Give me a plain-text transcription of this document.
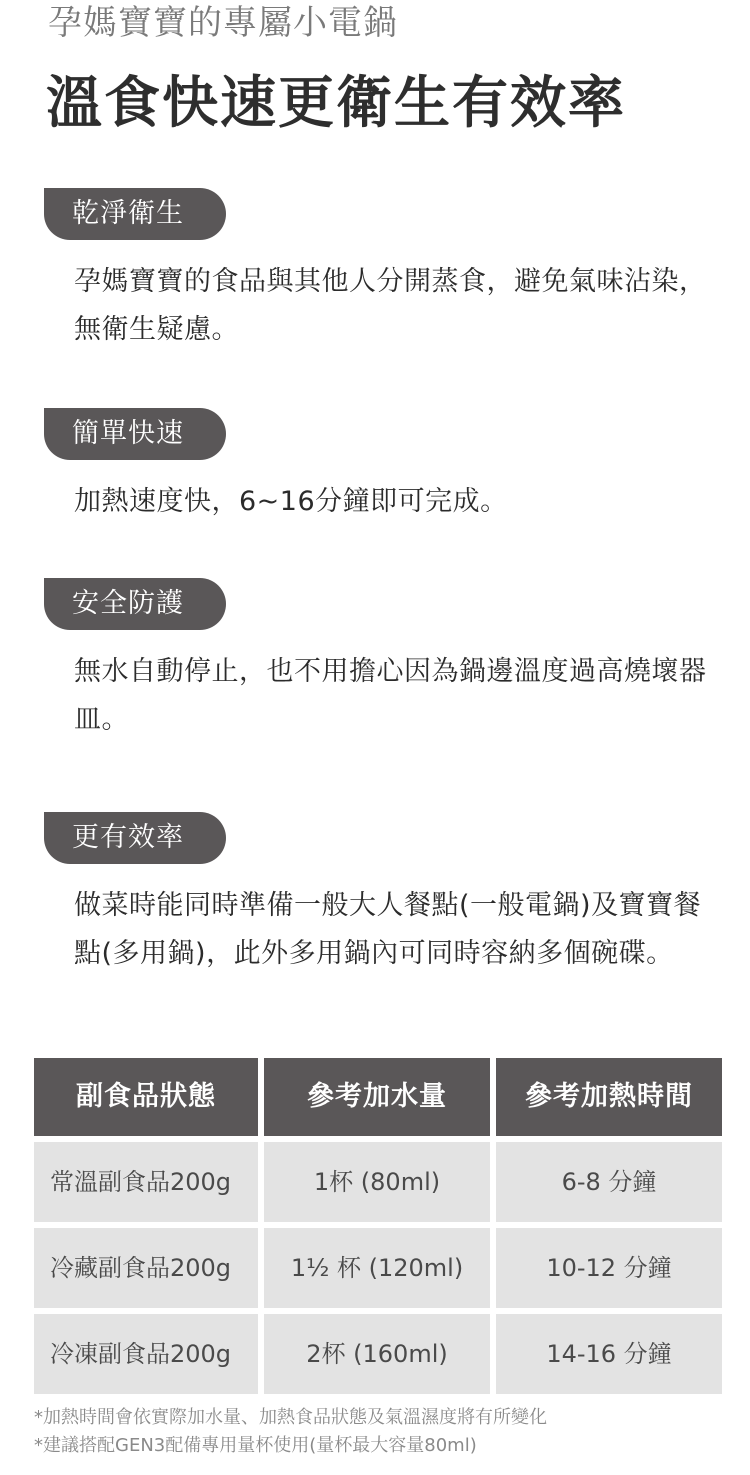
孕媽寶寶的專屬小電鍋
溫食快速更衛生有效率
乾淨衛生
孕媽寶寶的食品與其他人分開蒸食，避免氣味沾染，無衛生疑慮。
簡單快速
加熱速度快，6~16分鐘即可完成。
安全防護
無水自動停止，也不用擔心因為鍋邊溫度過高燒壞器皿。
更有效率
做菜時能同時準備一般大人餐點(一般電鍋)及寶寶餐點(多用鍋)，此外多用鍋內可同時容納多個碗碟。
副食品狀態	參考加水量	參考加熱時間
常溫副食品200g	1杯 (80ml)	6-8 分鐘
冷藏副食品200g	1½ 杯 (120ml)	10-12 分鐘
冷凍副食品200g	2杯 (160ml)	14-16 分鐘
*加熱時間會依實際加水量、加熱食品狀態及氣溫濕度將有所變化
*建議搭配GEN3配備專用量杯使用(量杯最大容量80ml)
